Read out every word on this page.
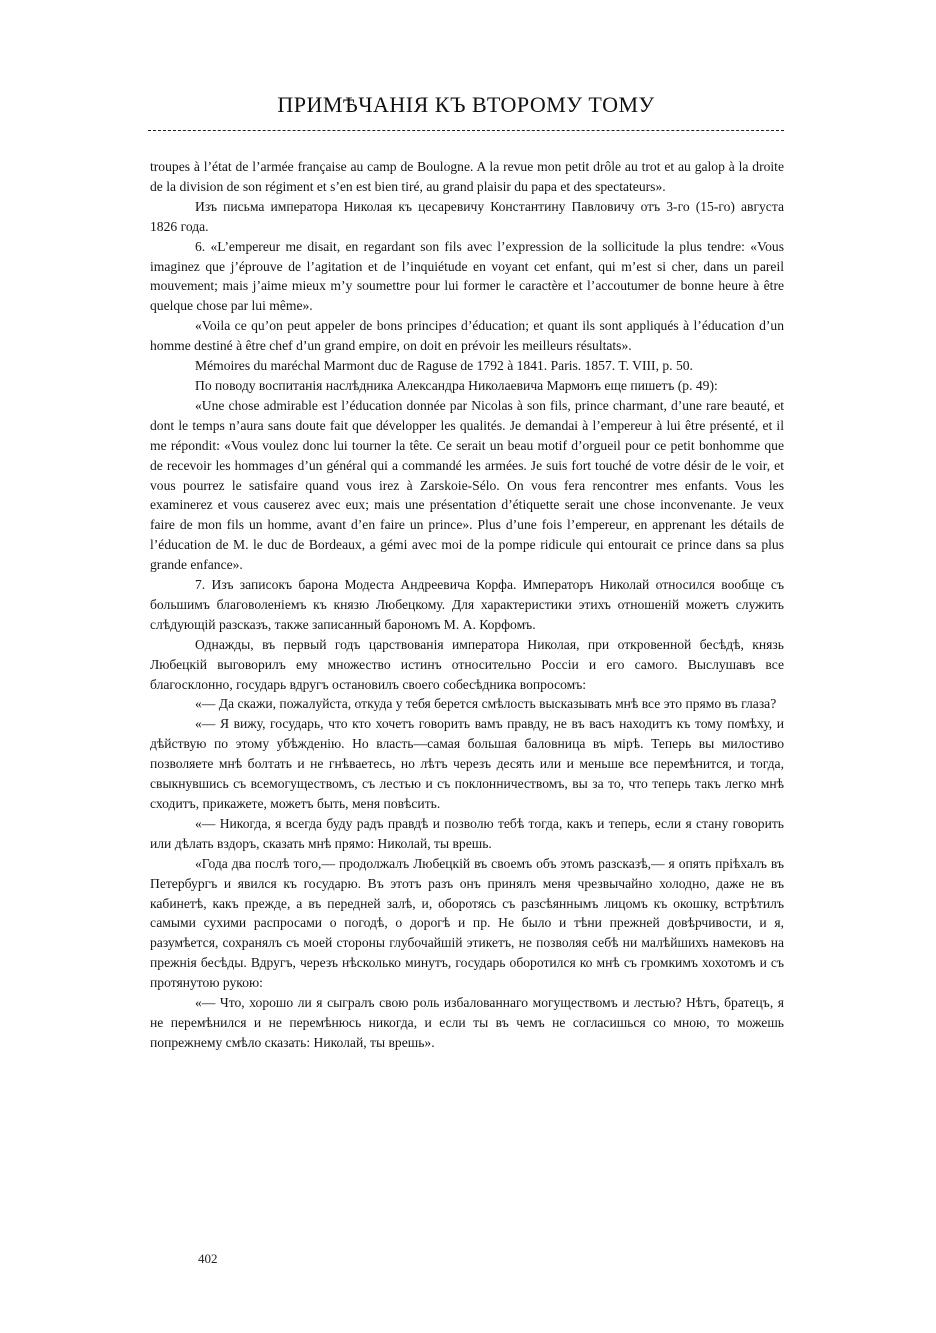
ПРИМѢЧАНІЯ КЪ ВТОРОМУ ТОМУ

troupes à l’état de l’armée française au camp de Boulogne. A la revue mon petit drôle au trot et au galop à la droite de la division de son régiment et s’en est bien tiré, au grand plaisir du papa et des spectateurs».

Изъ письма императора Николая къ цесаревичу Константину Павловичу отъ 3-го (15-го) августа 1826 года.

6. «L’empereur me disait, en regardant son fils avec l’expression de la sollicitude la plus tendre: «Vous imaginez que j’éprouve de l’agitation et de l’inquiétude en voyant cet enfant, qui m’est si cher, dans un pareil mouvement; mais j’aime mieux m’y soumettre pour lui former le caractère et l’accoutumer de bonne heure à être quelque chose par lui même».

«Voila ce qu’on peut appeler de bons principes d’éducation; et quant ils sont appliqués à l’éducation d’un homme destiné à être chef d’un grand empire, on doit en prévoir les meilleurs résultats».

Mémoires du maréchal Marmont duc de Raguse de 1792 à 1841. Paris. 1857. T. VIII, p. 50.

По поводу воспитанія наслѣдника Александра Николаевича Мармонъ еще пишетъ (p. 49):

«Une chose admirable est l’éducation donnée par Nicolas à son fils, prince charmant, d’une rare beauté, et dont le temps n’aura sans doute fait que développer les qualités. Je demandai à l’empereur à lui être présenté, et il me répondit: «Vous voulez donc lui tourner la tête. Ce serait un beau motif d’orgueil pour ce petit bonhomme que de recevoir les hommages d’un général qui a commandé les armées. Je suis fort touché de votre désir de le voir, et vous pourrez le satisfaire quand vous irez à Zarskoie-Sélo. On vous fera rencontrer mes enfants. Vous les examinerez et vous causerez avec eux; mais une présentation d’étiquette serait une chose inconvenante. Je veux faire de mon fils un homme, avant d’en faire un prince». Plus d’une fois l’empereur, en apprenant les détails de l’éducation de M. le duc de Bordeaux, a gémi avec moi de la pompe ridicule qui entourait ce prince dans sa plus grande enfance».

7. Изъ записокъ барона Модеста Андреевича Корфа. Императоръ Николай относился вообще съ большимъ благоволеніемъ къ князю Любецкому. Для характеристики этихъ отношеній можетъ служить слѣдующій разсказъ, также записанный барономъ М. А. Корфомъ.

Однажды, въ первый годъ царствованія императора Николая, при откровенной бесѣдѣ, князь Любецкій выговорилъ ему множество истинъ относительно Россіи и его самого. Выслушавъ все благосклонно, государь вдругъ остановилъ своего собесѣдника вопросомъ:

«— Да скажи, пожалуйста, откуда у тебя берется смѣлость высказывать мнѣ все это прямо въ глаза?

«— Я вижу, государь, что кто хочетъ говорить вамъ правду, не въ васъ находитъ къ тому помѣху, и дѣйствую по этому убѣжденію. Но власть—самая большая баловница въ мірѣ. Теперь вы милостиво позволяете мнѣ болтать и не гнѣваетесь, но лѣтъ черезъ десять или и меньше все перемѣнится, и тогда, свыкнувшись съ всемогуществомъ, съ лестью и съ поклонничествомъ, вы за то, что теперь такъ легко мнѣ сходитъ, прикажете, можетъ быть, меня повѣсить.

«— Никогда, я всегда буду радъ правдѣ и позволю тебѣ тогда, какъ и теперь, если я стану говорить или дѣлать вздоръ, сказать мнѣ прямо: Николай, ты врешь.

«Года два послѣ того,— продолжалъ Любецкій въ своемъ объ этомъ разсказѣ,— я опять пріѣхалъ въ Петербургъ и явился къ государю. Въ этотъ разъ онъ принялъ меня чрезвычайно холодно, даже не въ кабинетѣ, какъ прежде, а въ передней залѣ, и, оборотясь съ разсѣяннымъ лицомъ къ окошку, встрѣтилъ самыми сухими распросами о погодѣ, о дорогѣ и пр. Не было и тѣни прежней довѣрчивости, и я, разумѣется, сохранялъ съ моей стороны глубочайшій этикетъ, не позволяя себѣ ни малѣйшихъ намековъ на прежнія бесѣды. Вдругъ, черезъ нѣсколько минутъ, государь оборотился ко мнѣ съ громкимъ хохотомъ и съ протянутою рукою:

«— Что, хорошо ли я сыгралъ свою роль избалованнаго могуществомъ и лестью? Нѣтъ, братецъ, я не перемѣнился и не перемѣнюсь никогда, и если ты въ чемъ не согласишься со мною, то можешь попрежнему смѣло сказать: Николай, ты врешь».

402
